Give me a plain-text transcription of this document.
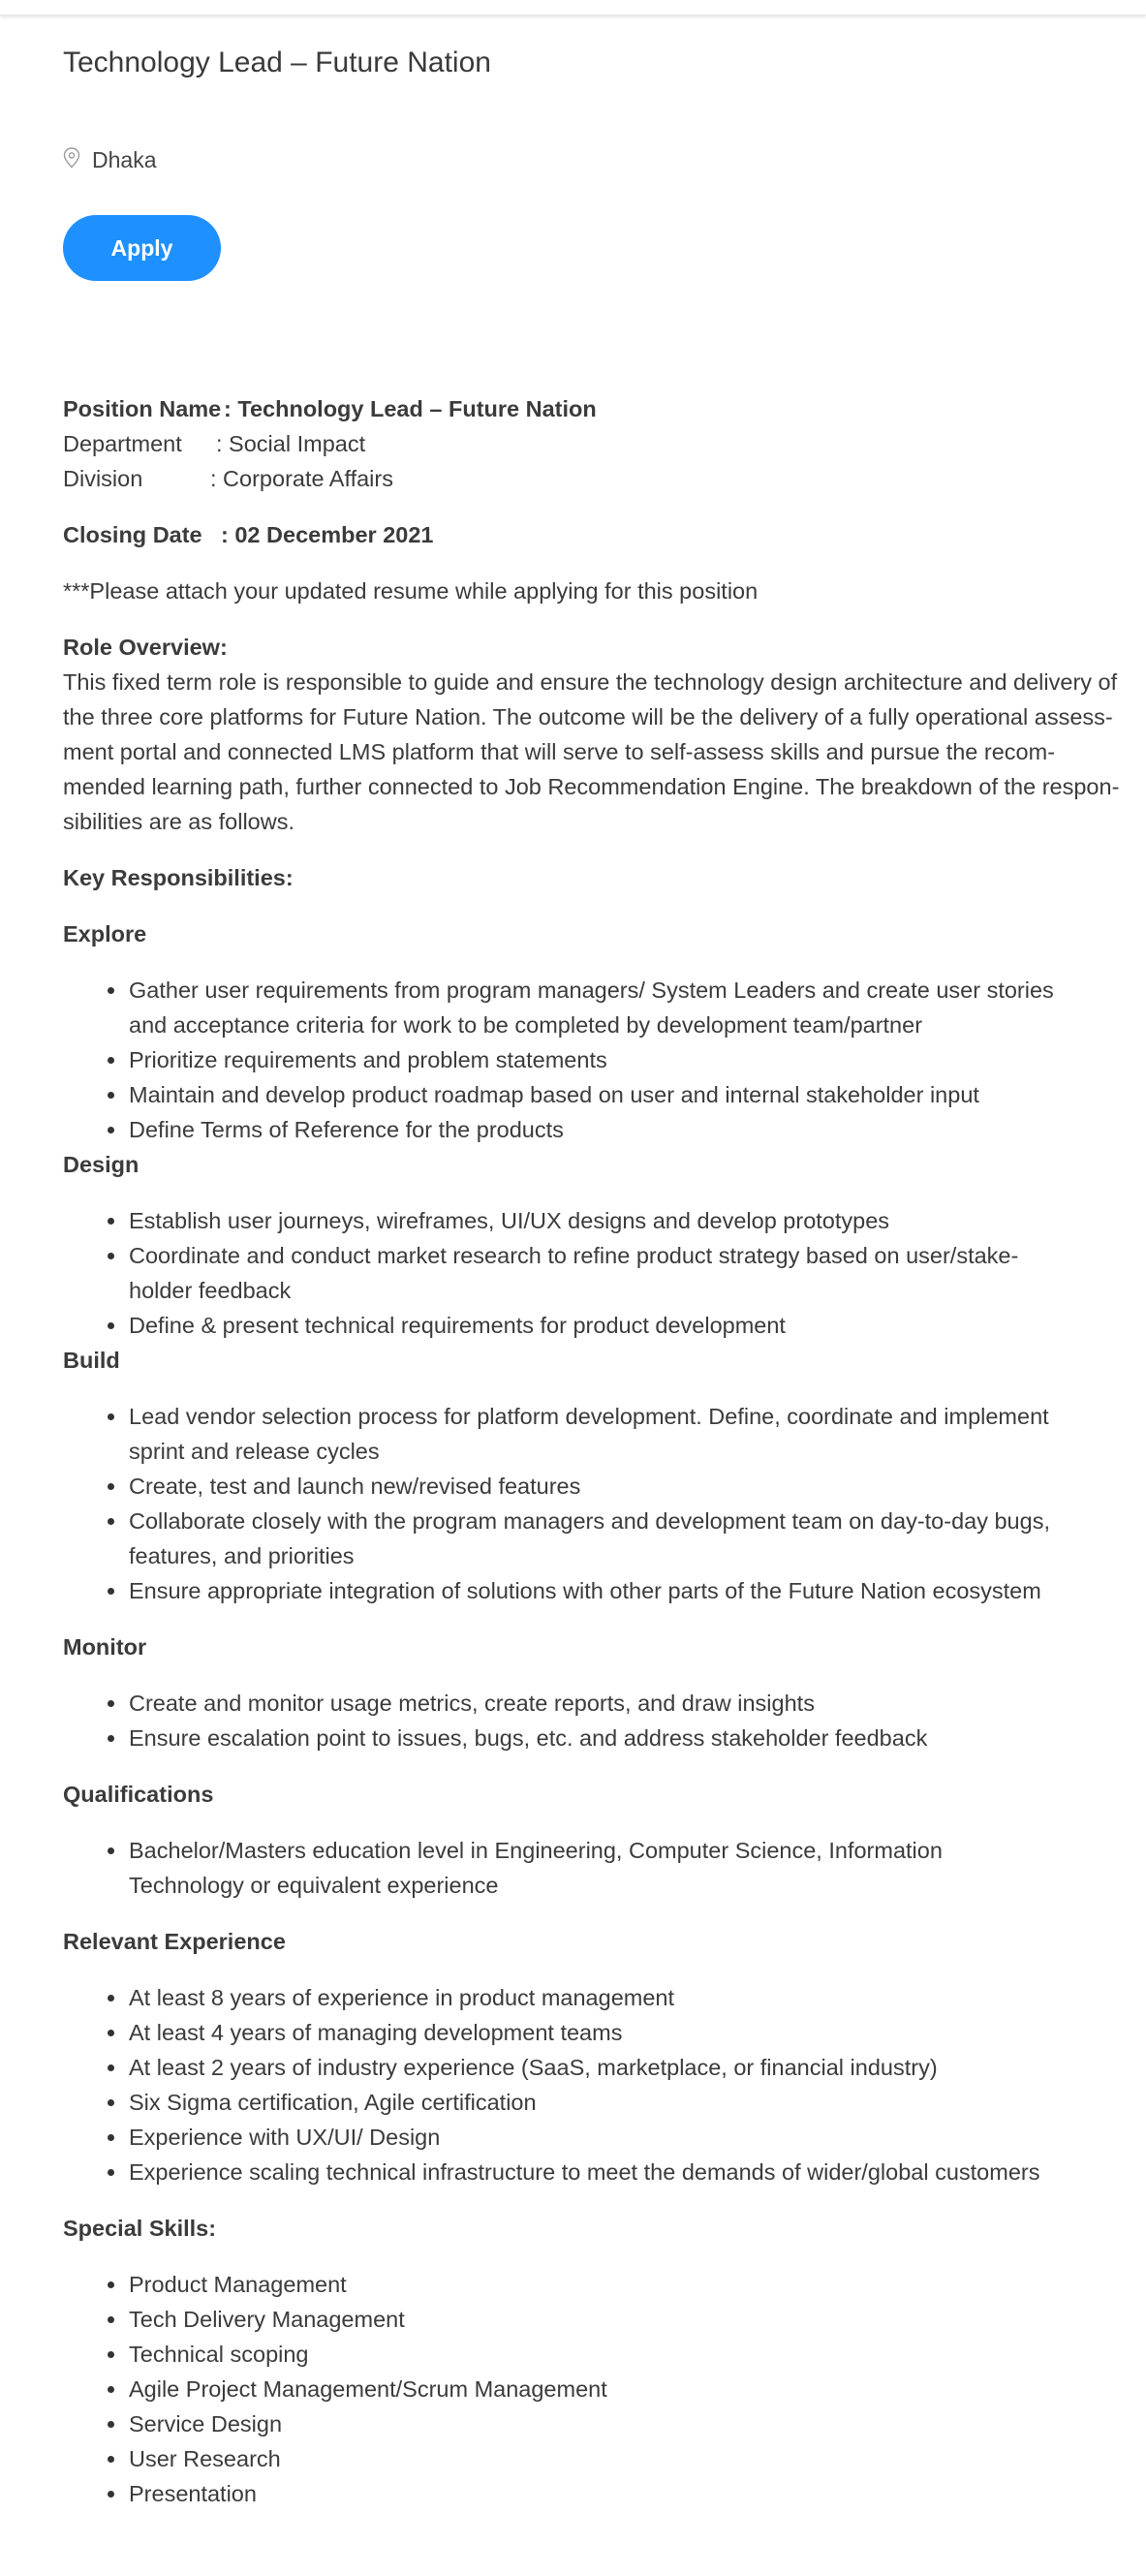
Technology Lead – Future Nation
Dhaka
Apply
Position Name : Technology Lead – Future Nation
Department : Social Impact
Division	: Corporate Affairs
Closing Date : 02 December 2021
***Please attach your updated resume while applying for this position
Role Overview:
This fixed term role is responsible to guide and ensure the technology design architecture and delivery of
the three core platforms for Future Nation. The outcome will be the delivery of a fully operational assess-
ment portal and connected LMS platform that will serve to self-assess skills and pursue the recom-
mended learning path, further connected to Job Recommendation Engine. The breakdown of the respon-
sibilities are as follows.
Key Responsibilities:
Explore
Gather user requirements from program managers/ System Leaders and create user stories
and acceptance criteria for work to be completed by development team/partner
Prioritize requirements and problem statements
Maintain and develop product roadmap based on user and internal stakeholder input
Define Terms of Reference for the products
Design
Establish user journeys, wireframes, UI/UX designs and develop prototypes
Coordinate and conduct market research to refine product strategy based on user/stake-
holder feedback
Define & present technical requirements for product development
Build
Lead vendor selection process for platform development. Define, coordinate and implement
sprint and release cycles
Create, test and launch new/revised features
Collaborate closely with the program managers and development team on day-to-day bugs,
features, and priorities
Ensure appropriate integration of solutions with other parts of the Future Nation ecosystem
Monitor
Create and monitor usage metrics, create reports, and draw insights
Ensure escalation point to issues, bugs, etc. and address stakeholder feedback
Qualifications
Bachelor/Masters education level in Engineering, Computer Science, Information
Technology or equivalent experience
Relevant Experience
At least 8 years of experience in product management
At least 4 years of managing development teams
At least 2 years of industry experience (SaaS, marketplace, or financial industry)
Six Sigma certification, Agile certification
Experience with UX/UI/ Design
Experience scaling technical infrastructure to meet the demands of wider/global customers
Special Skills:
Product Management
Tech Delivery Management
Technical scoping
Agile Project Management/Scrum Management
Service Design
User Research
Presentation
